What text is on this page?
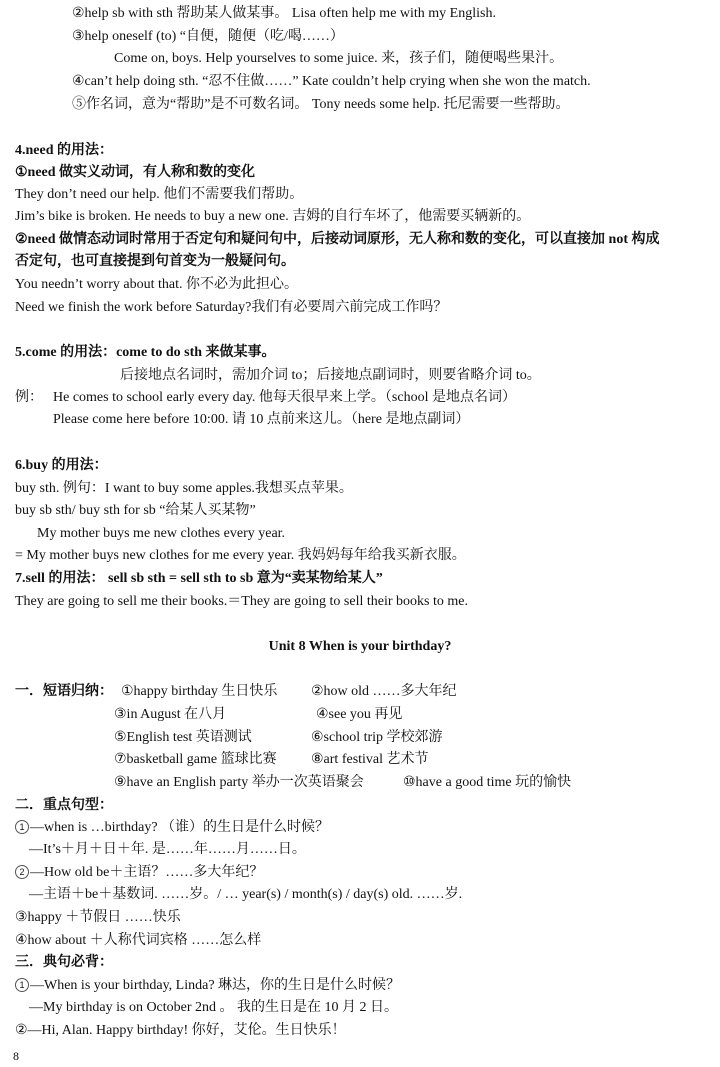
②help sb with sth 帮助某人做某事。 Lisa often help me with my English.
③help oneself (to) “自便，随便（吃/喝……）
Come on, boys. Help yourselves to some juice. 来，孩子们，随便喝些果汁。
④can’t help doing sth. “忍不住做……” Kate couldn’t help crying when she won the match.
⑤作名词，意为“帮助”是不可数名词。 Tony needs some help. 托尼需要一些帮助。
4.need 的用法：
①need 做实义动词，有人称和数的变化
They don’t need our help. 他们不需要我们帮助。
Jim’s bike is broken. He needs to buy a new one. 吉姆的自行车坏了，他需要买辆新的。
②need 做情态动词时常用于否定句和疑问句中，后接动词原形，无人称和数的变化，可以直接加 not 构成
否定句，也可直接提到句首变为一般疑问句。
You needn’t worry about that. 你不必为此担心。
Need we finish the work before Saturday?我们有必要周六前完成工作吗？
5.come 的用法：come to do sth 来做某事。
后接地点名词时，需加介词 to；后接地点副词时，则要省略介词 to。
例： He comes to school early every day. 他每天很早来上学。（school 是地点名词）
Please come here before 10:00. 请 10 点前来这儿。（here 是地点副词）
6.buy 的用法：
buy sth. 例句：I want to buy some apples.我想买点苹果。
buy sb sth/ buy sth for sb “给某人买某物”
My mother buys me new clothes every year.
= My mother buys new clothes for me every year. 我妈妈每年给我买新衣服。
7.sell 的用法： sell sb sth = sell sth to sb 意为“卖某物给某人”
They are going to sell me their books.＝They are going to sell their books to me.
Unit 8 When is your birthday?
一．短语归纳： ①happy birthday 生日快乐 ②how old ……多大年纪
③in August 在八月	④see you 再见
⑤English test 英语测试	⑥school trip 学校郊游
⑦basketball game 篮球比赛 ⑧art festival 艺术节
⑨have an English party 举办一次英语聚会	⑩have a good time 玩的愉快
二．重点句型：
1 —when is …birthday? （谁）的生日是什么时候？
—It’s＋月＋日＋年. 是……年……月……日。
2 —How old be＋主语？……多大年纪？
—主语＋be＋基数词. ……岁。/ … year(s) / month(s) / day(s) old. ……岁.
③happy ＋节假日 ……快乐
④how about ＋人称代词宾格 ……怎么样
三．典句必背：
1 —When is your birthday, Linda? 琳达，你的生日是什么时候？
—My birthday is on October 2nd 。 我的生日是在 10 月 2 日。
②—Hi, Alan. Happy birthday! 你好，艾伦。生日快乐！
8
